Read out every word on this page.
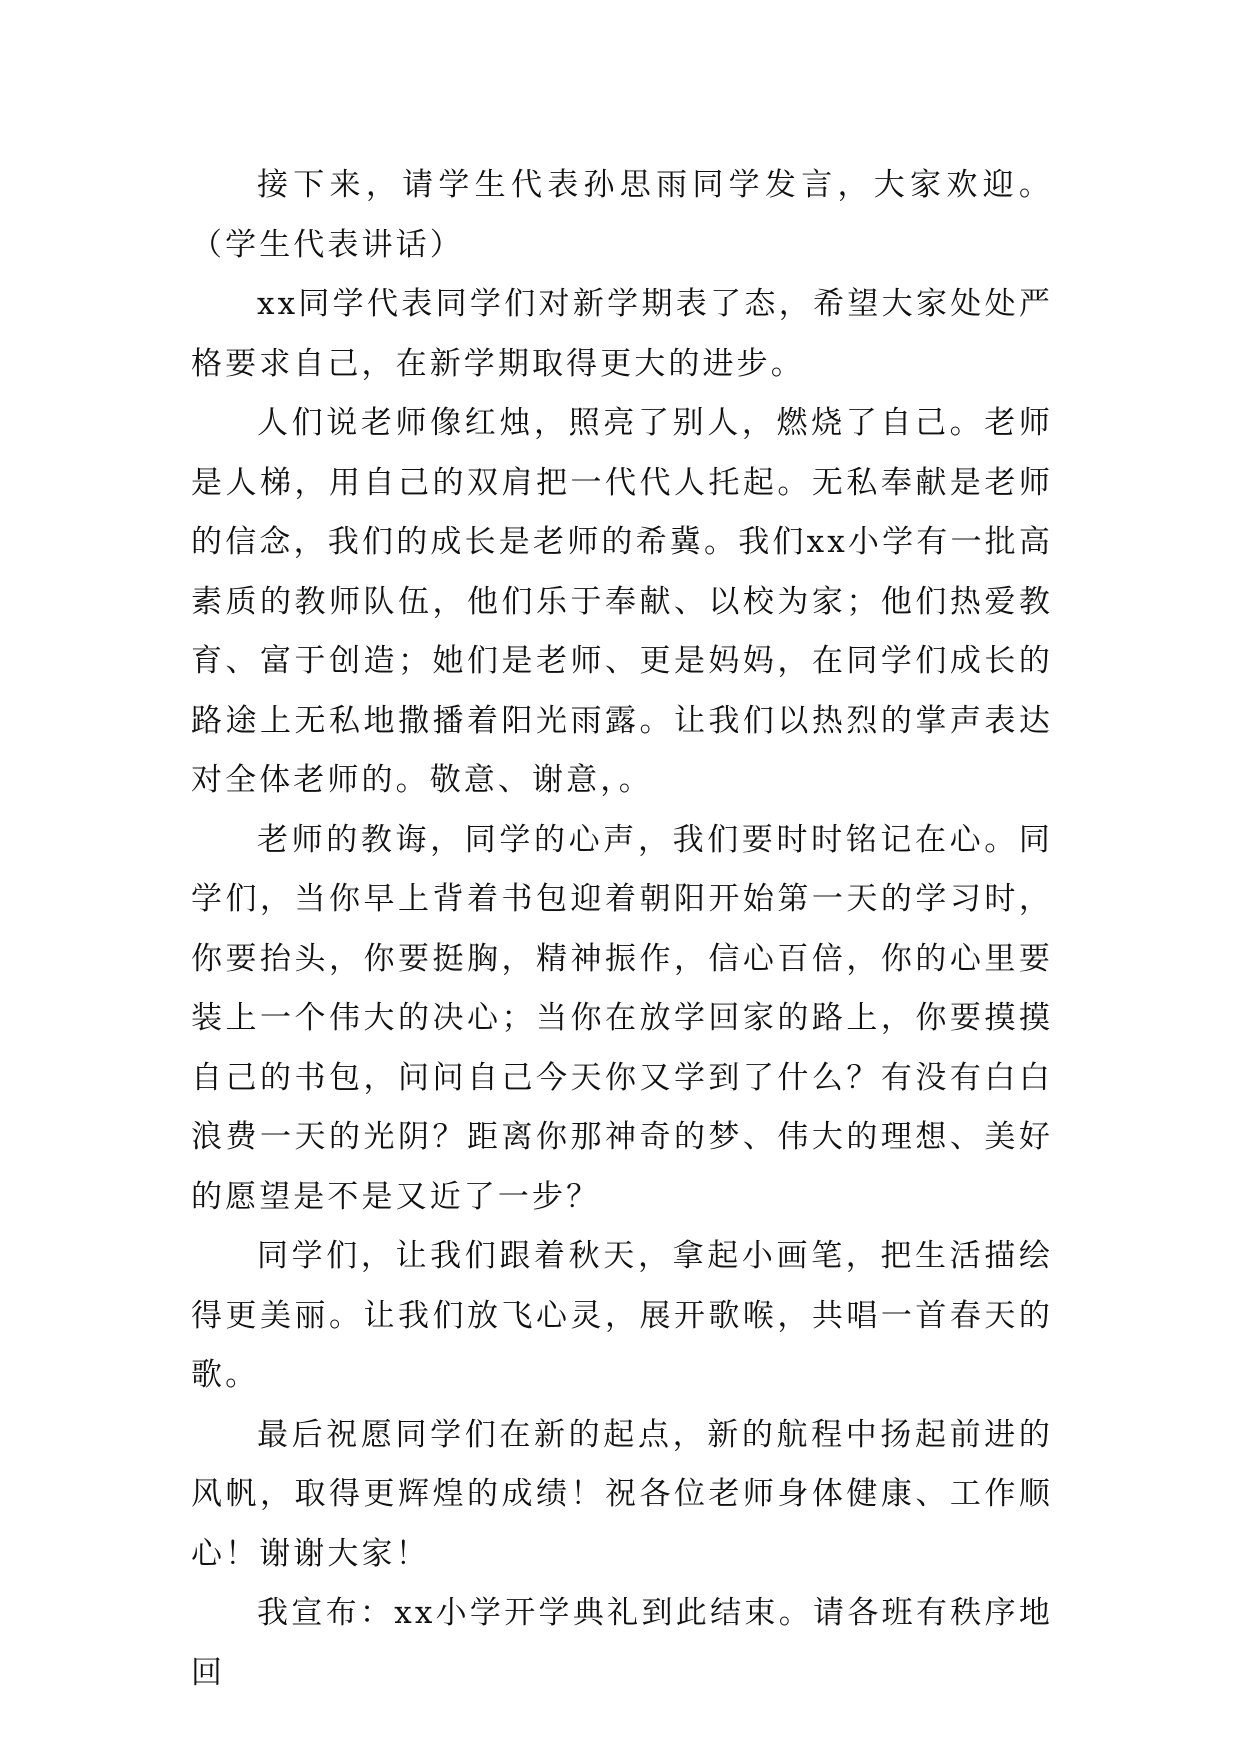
接下来，请学生代表孙思雨同学发言，大家欢迎。（学生代表讲话）

xx同学代表同学们对新学期表了态，希望大家处处严格要求自己，在新学期取得更大的进步。

人们说老师像红烛，照亮了别人，燃烧了自己。老师是人梯，用自己的双肩把一代代人托起。无私奉献是老师的信念，我们的成长是老师的希冀。我们xx小学有一批高素质的教师队伍，他们乐于奉献、以校为家；他们热爱教育、富于创造；她们是老师、更是妈妈，在同学们成长的路途上无私地撒播着阳光雨露。让我们以热烈的掌声表达对全体老师的。敬意、谢意，。

老师的教诲，同学的心声，我们要时时铭记在心。同学们，当你早上背着书包迎着朝阳开始第一天的学习时，你要抬头，你要挺胸，精神振作，信心百倍，你的心里要装上一个伟大的决心；当你在放学回家的路上，你要摸摸自己的书包，问问自己今天你又学到了什么？有没有白白浪费一天的光阴？距离你那神奇的梦、伟大的理想、美好的愿望是不是又近了一步？

同学们，让我们跟着秋天，拿起小画笔，把生活描绘得更美丽。让我们放飞心灵，展开歌喉，共唱一首春天的歌。

最后祝愿同学们在新的起点，新的航程中扬起前进的风帆，取得更辉煌的成绩！祝各位老师身体健康、工作顺心！谢谢大家！

我宣布：xx小学开学典礼到此结束。请各班有秩序地回
